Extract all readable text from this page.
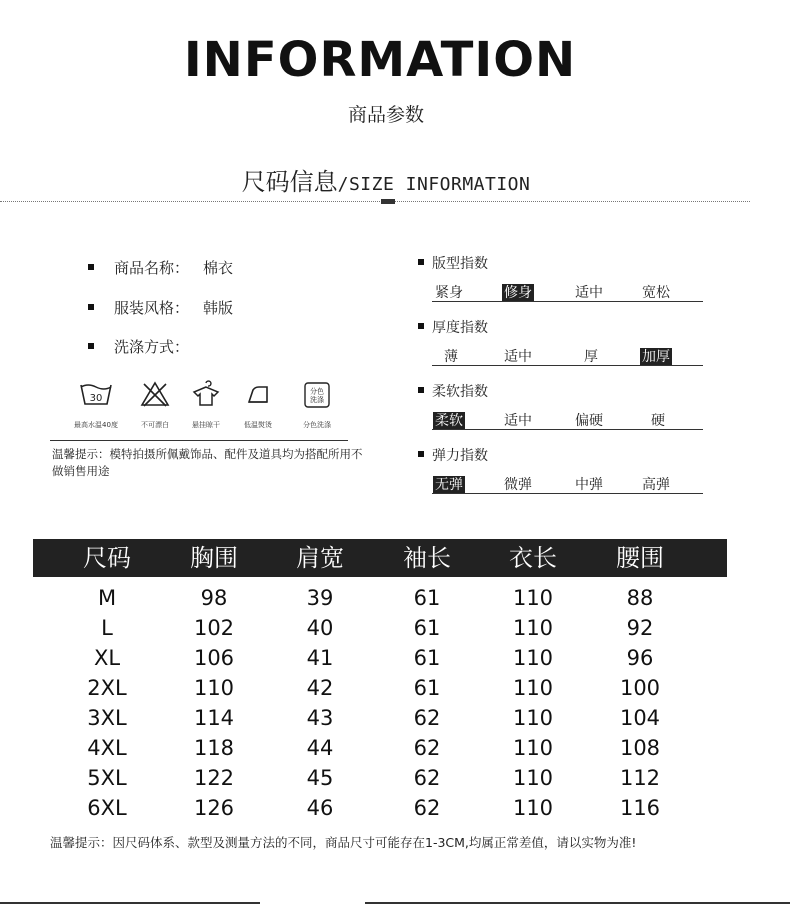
INFORMATION
商品参数
尺码信息/SIZE INFORMATION
商品名称： 棉衣
服装风格： 韩版
洗涤方式：
30
最高水温40度	不可漂白	悬挂晾干	低温熨烫
分色
洗涤
分色洗涤
温馨提示：模特拍摄所佩戴饰品、配件及道具均为搭配所用不做销售用途
版型指数
紧身	修身	适中	宽松
厚度指数
薄	适中	厚	加厚
柔软指数
柔软	适中	偏硬	硬
弹力指数
无弹	微弹	中弹	高弹
尺码	胸围	肩宽	袖长	衣长	腰围
M	98	39	61	110	88
L	102	40	61	110	92
XL	106	41	61	110	96
2XL	110	42	61	110	100
3XL	114	43	62	110	104
4XL	118	44	62	110	108
5XL	122	45	62	110	112
6XL	126	46	62	110	116
温馨提示：因尺码体系、款型及测量方法的不同，商品尺寸可能存在1-3CM,均属正常差值，请以实物为准!
